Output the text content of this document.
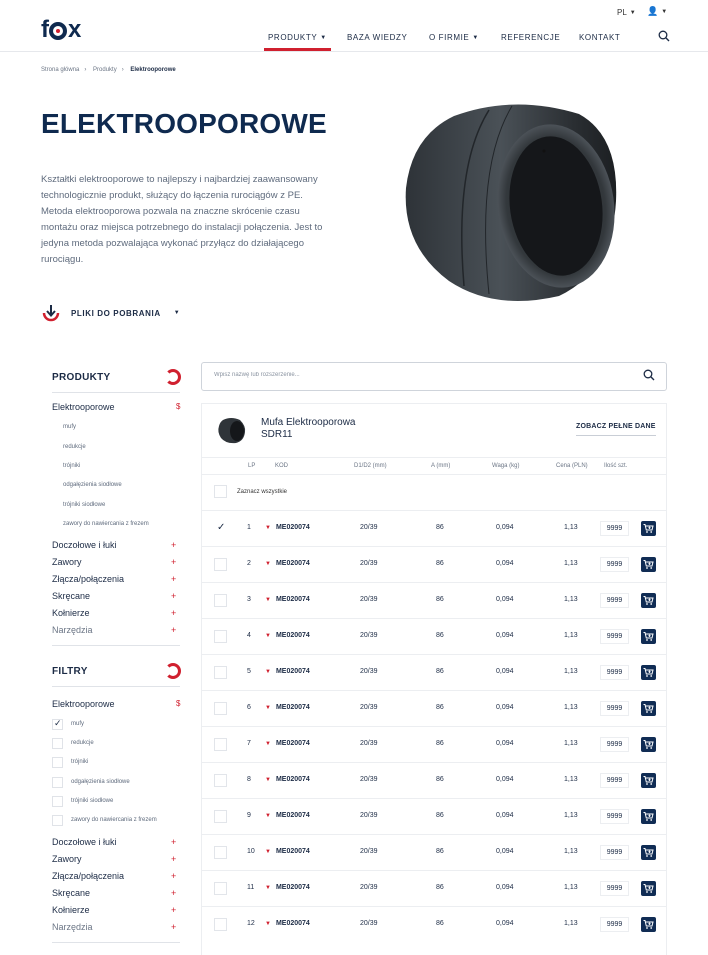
f x
PL ▼ 👤 ▼
PRODUKTY ▼	BAZA WIEDZY	O FIRMIE ▼	REFERENCJE KONTAKT
Strona główna › Produkty › Elektrooporowe
ELEKTROOPOROWE

Kształtki elektrooporowe to najlepszy i najbardziej zaawansowany technologicznie produkt, służący do łączenia rurociągów z PE. Metoda elektrooporowa pozwala na znaczne skrócenie czasu montażu oraz miejsca potrzebnego do instalacji połączenia. Jest to jedyna metoda pozwalająca wykonać przyłącz do działającego rurociągu.

PLIKI DO POBRANIA ▼
PRODUKTY
Elektrooporowe	$
mufy
redukcje
trójniki
odgałęzienia siodłowe
trójniki siodłowe
zawory do nawiercania z frezem
Doczołowe i łuki	+
Zawory	+
Złącza/połączenia	+
Skręcane	+
Kołnierze	+
Narzędzia	+
FILTRY
Elektrooporowe	$
✓
mufy
redukcje
trójniki
odgałęzienia siodłowe
trójniki siodłowe
zawory do nawiercania z frezem
Doczołowe i łuki	+
Zawory	+
Złącza/połączenia	+
Skręcane	+
Kołnierze	+
Narzędzia	+
Wpisz nazwę lub rozszerzenie...
Mufa Elektrooporowa
SDR11
ZOBACZ PEŁNE DANE
LP	KOD	D1/D2 (mm)	A (mm)	Waga (kg)	Cena (PLN)	Ilość szt.
Zaznacz wszystkie
✓
1 ▼ ME020074	20/39	86	0,094	1,13	9999
2 ▼ ME020074	20/39	86	0,094	1,13	9999
3 ▼ ME020074	20/39	86	0,094	1,13	9999
4 ▼ ME020074	20/39	86	0,094	1,13	9999
5 ▼ ME020074	20/39	86	0,094	1,13	9999
6 ▼ ME020074	20/39	86	0,094	1,13	9999
7 ▼ ME020074	20/39	86	0,094	1,13	9999
8 ▼ ME020074	20/39	86	0,094	1,13	9999
9 ▼ ME020074	20/39	86	0,094	1,13	9999
10 ▼ ME020074	20/39	86	0,094	1,13	9999
11 ▼ ME020074	20/39	86	0,094	1,13	9999
12 ▼ ME020074	20/39	86	0,094	1,13	9999
